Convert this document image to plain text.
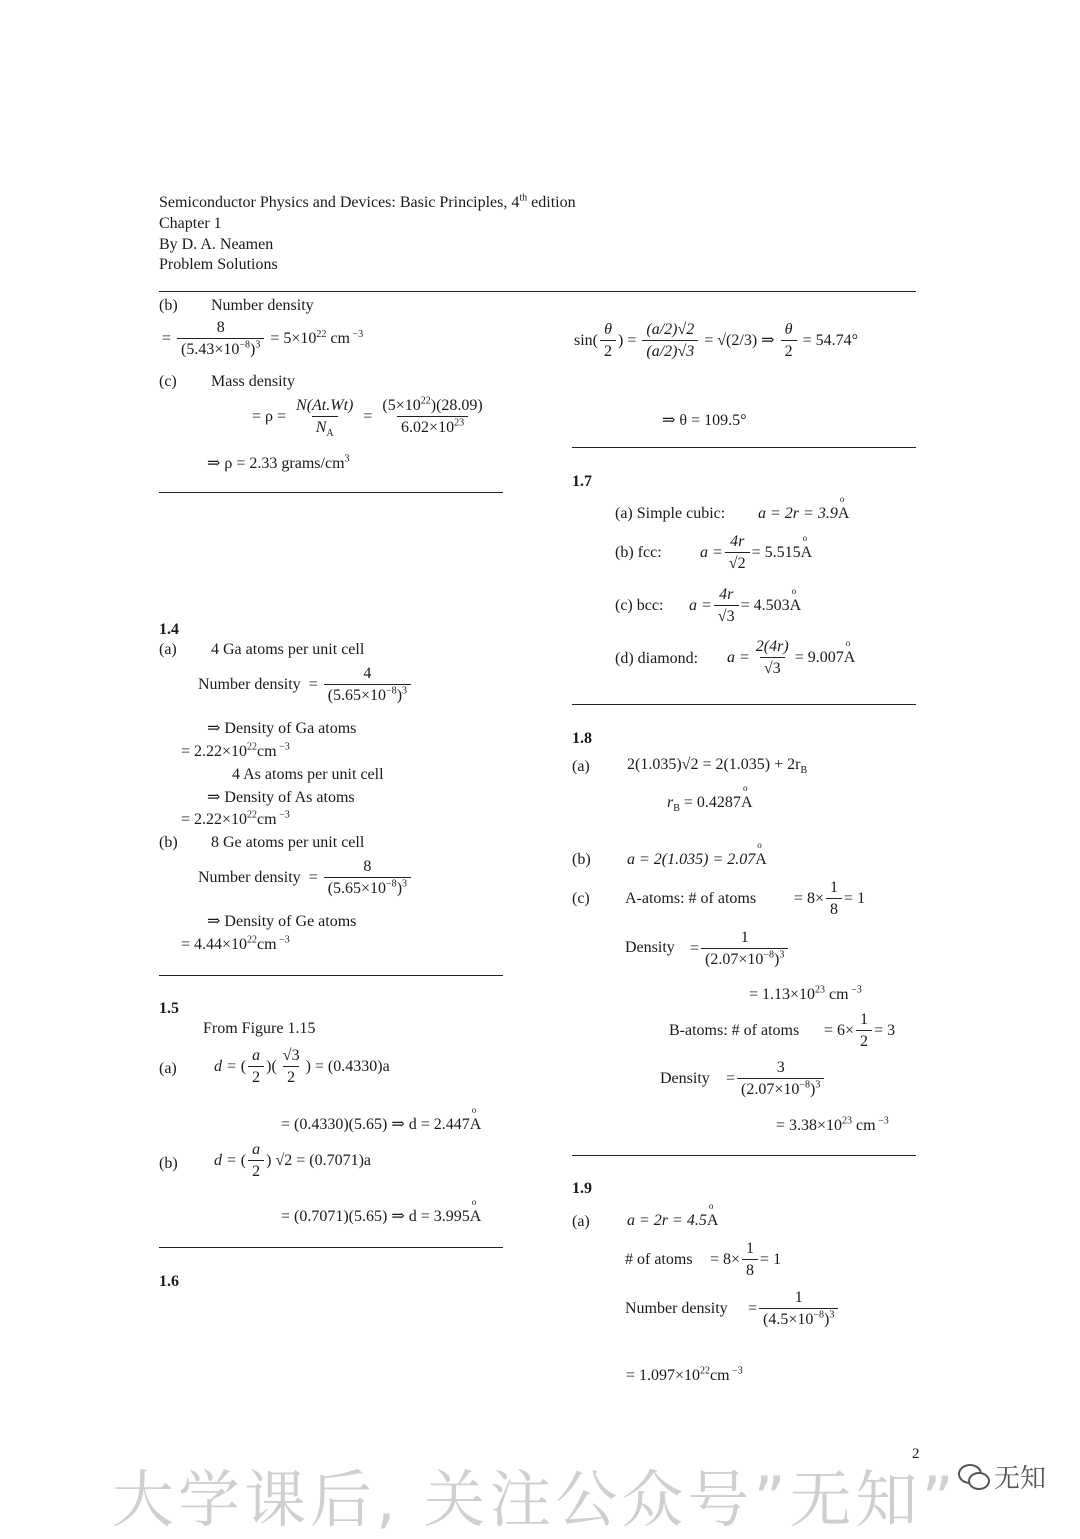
Semiconductor Physics and Devices: Basic Principles, 4th edition
Chapter 1
By D. A. Neamen
Problem Solutions
(b) Number density
= $\frac{8}{(5.43\times 10^{-8})^3} = 5\times 10^{22}$ cm $^{-3}$
(c) Mass density
= $\rho = \frac{N(At.Wt)}{N_A} = \frac{(5\times 10^{22})(28.09)}{6.02\times 10^{23}}$
⇒ ρ = 2.33 grams/$cm^3$
1.4
(a) 4 Ga atoms per unit cell
Number density  = $\frac{4}{(5.65\times 10^{-8})^3}$
⇒ Density of Ga atoms
= $2.22\times 10^{22}cm$ $^{-3}$
4 As atoms per unit cell
⇒ Density of As atoms
= $2.22\times 10^{22}cm$ $^{-3}$
(b) 8 Ge atoms per unit cell
Number density  = $\frac{8}{(5.65\times 10^{-8})^3}$
⇒ Density of Ge atoms
= $4.44\times 10^{22}cm$ $^{-3}$
1.5
From Figure 1.15
(a) d = ( $\frac{a}{2}$ )( $\frac{√3}{2}$ ) = (0.4330)a
= (0.4330)(5.65) ⇒ d = 2.447o A
(b) d = ( $\frac{a}{2}$ ) √2 = (0.7071)a
= (0.7071)(5.65) ⇒ d = 3.995o A
1.6
$\sin( \frac{\theta}{2}$ ) = $\frac{(a/2)√2}{(a/2)√3} = √(2/3)$ ⇒ $\frac{\theta}{2} = 54.74^\circ$
⇒ θ = 109.5°
1.7
(a) Simple cubic: a = 2r = 3.9o A
(b) fcc: $a = \frac{4r}{√2} = 5.515o$ A
(c) bcc: $a = \frac{4r}{√3} = 4.503o$ A
(d) diamond: $a = \frac{2(4r)}{√3} = 9.007o$ A
1.8
(a) $2(1.035)√2 = 2(1.035) + 2r_B$
$r_B = 0.4287o$ A
(b) a = 2(1.035) = 2.07o A
(c) A-atoms: # of atoms = $8\times \frac{1}{8} = 1$
Density = $\frac{1}{(2.07\times 10^{-8})^3}$
= $1.13\times 10^{23}$ cm $^{-3}$
B-atoms: # of atoms = $6\times \frac{1}{2} = 3$
Density = $\frac{3}{(2.07\times 10^{-8})^3}$
= $3.38\times 10^{23}$ cm $^{-3}$
1.9
(a) a = 2r = 4.5o A
# of atoms = $8\times \frac{1}{8} = 1$
Number density = $\frac{1}{(4.5\times 10^{-8})^3}$
= $1.097\times 10^{22}cm$ $^{-3}$
2
大学课后, 关注公众号”无知” 无知
